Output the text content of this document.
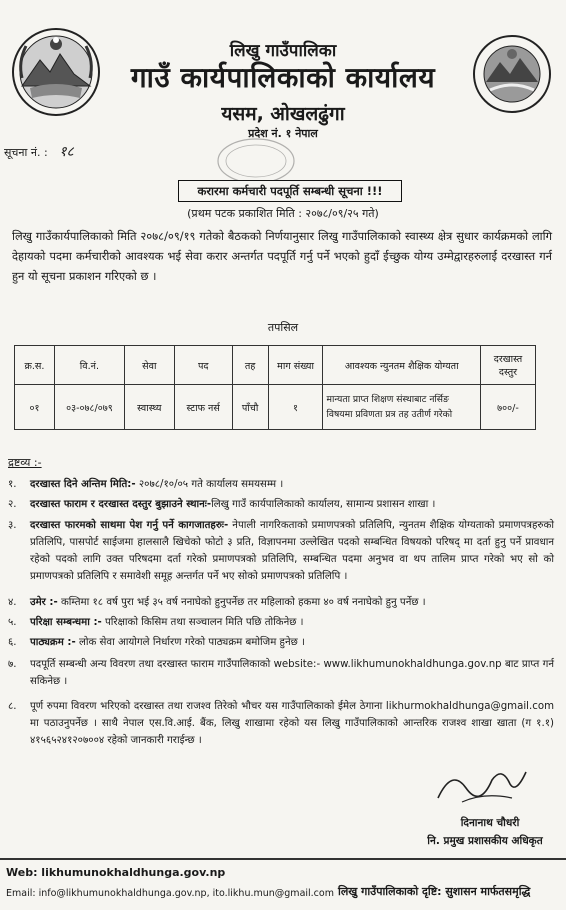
लिखु गाउँपालिका
गाउँ कार्यपालिकाको कार्यालय
यसम, ओखलढुंगा
प्रदेश नं. १ नेपाल
सूचना नं. : १८
करारमा कर्मचारी पदपूर्ति सम्बन्धी सूचना !!!
(प्रथम पटक प्रकाशित मिति : २०७८/०९/२५ गते)
लिखु गाउँकार्यपालिकाको मिति २०७८/०९/१९ गतेको बैठकको निर्णयानुसार लिखु गाउँपालिकाको स्वास्थ्य क्षेत्र सुधार कार्यक्रमको लागि देहायको पदमा कर्मचारीको आवश्यक भई सेवा करार अन्तर्गत पदपूर्ति गर्नु पर्ने भएको हुदाँ ईच्छुक योग्य उम्मेद्वारहरुलाई दरखास्त गर्न हुन यो सूचना प्रकाशन गरिएको छ ।
तपसिल
क्र.स.	वि.नं.	सेवा	पद	तह	माग संख्या	आवश्यक न्युनतम शैक्षिक योग्यता	दरखास्त दस्तुर
०१	०३-०७८/०७९	स्वास्थ्य	स्टाफ नर्स	पाँचौ	१	मान्यता प्राप्त शिक्षण संस्थाबाट नर्सिङ विषयमा प्रविणता प्रत्र तह उतीर्ण गरेको	७००/-
द्रष्टव्य :-
१.	दरखास्त दिने अन्तिम मिति:- २०७८/१०/०५ गते कार्यालय समयसम्म ।
२.	दरखास्त फाराम र दरखास्त दस्तुर बुझाउने स्थानः-लिखु गाउँ कार्यपालिकाको कार्यालय, सामान्य प्रशासन शाखा ।
३.	दरखास्त फारमको साथमा पेश गर्नु पर्ने कागजातहरुः- नेपाली नागरिकताको प्रमाणपत्रको प्रतिलिपि, न्युनतम शैक्षिक योग्यताको प्रमाणपत्रहरुको प्रतिलिपि, पासपोर्ट साईजमा हालसालै खिचेको फोटो ३ प्रति, विज्ञापनमा उल्लेखित पदको सम्बन्धित विषयको परिषद् मा दर्ता हुनु पर्ने प्रावधान रहेको पदको लागि उक्त परिषदमा दर्ता गरेको प्रमाणपत्रको प्रतिलिपि, सम्बन्धित पदमा अनुभव वा थप तालिम प्राप्त गरेको भए सो को प्रमाणपत्रको प्रतिलिपि र समावेशी समूह अन्तर्गत पर्ने भए सोको प्रमाणपत्रको प्रतिलिपि ।
४.	उमेर :- कम्तिमा १८ वर्ष पुरा भई ३५ वर्ष ननाघेको हुनुपर्नेछ तर महिलाको हकमा ४० वर्ष ननाघेको हुनु पर्नेछ ।
५.	परिक्षा सम्बन्धमा :- परिक्षाको किसिम तथा सञ्चालन मिति पछि तोकिनेछ ।
६.	पाठ्यक्रम :- लोक सेवा आयोगले निर्धारण गरेको पाठ्यक्रम बमोजिम हुनेछ ।
७.	पदपूर्ति सम्बन्धी अन्य विवरण तथा दरखास्त फाराम गाउँपालिकाको website:- www.likhumunokhaldhunga.gov.np बाट प्राप्त गर्न सकिनेछ ।
८.	पूर्ण रुपमा विवरण भरिएको दरखास्त तथा राजश्व तिरेको भौचर यस गाउँपालिकाको ईमेल ठेगाना likhurmokhaldhunga@gmail.com मा पठाउनुपर्नेछ । साथै नेपाल एस.वि.आई. बैंक, लिखु शाखामा रहेको यस लिखु गाउँपालिकाको आन्तरिक राजश्व शाखा खाता (ग १.१) ४१५६५२४१२०७००४ रहेको जानकारी गराईन्छ ।
दिनानाथ चौधरी
नि. प्रमुख प्रशासकीय अधिकृत
Web: likhumunokhaldhunga.gov.np
Email: info@likhumunokhaldhunga.gov.np, ito.likhu.mun@gmail.com लिखु गाउँपालिकाको दृष्टि: सुशासन मार्फतसमृद्धि
